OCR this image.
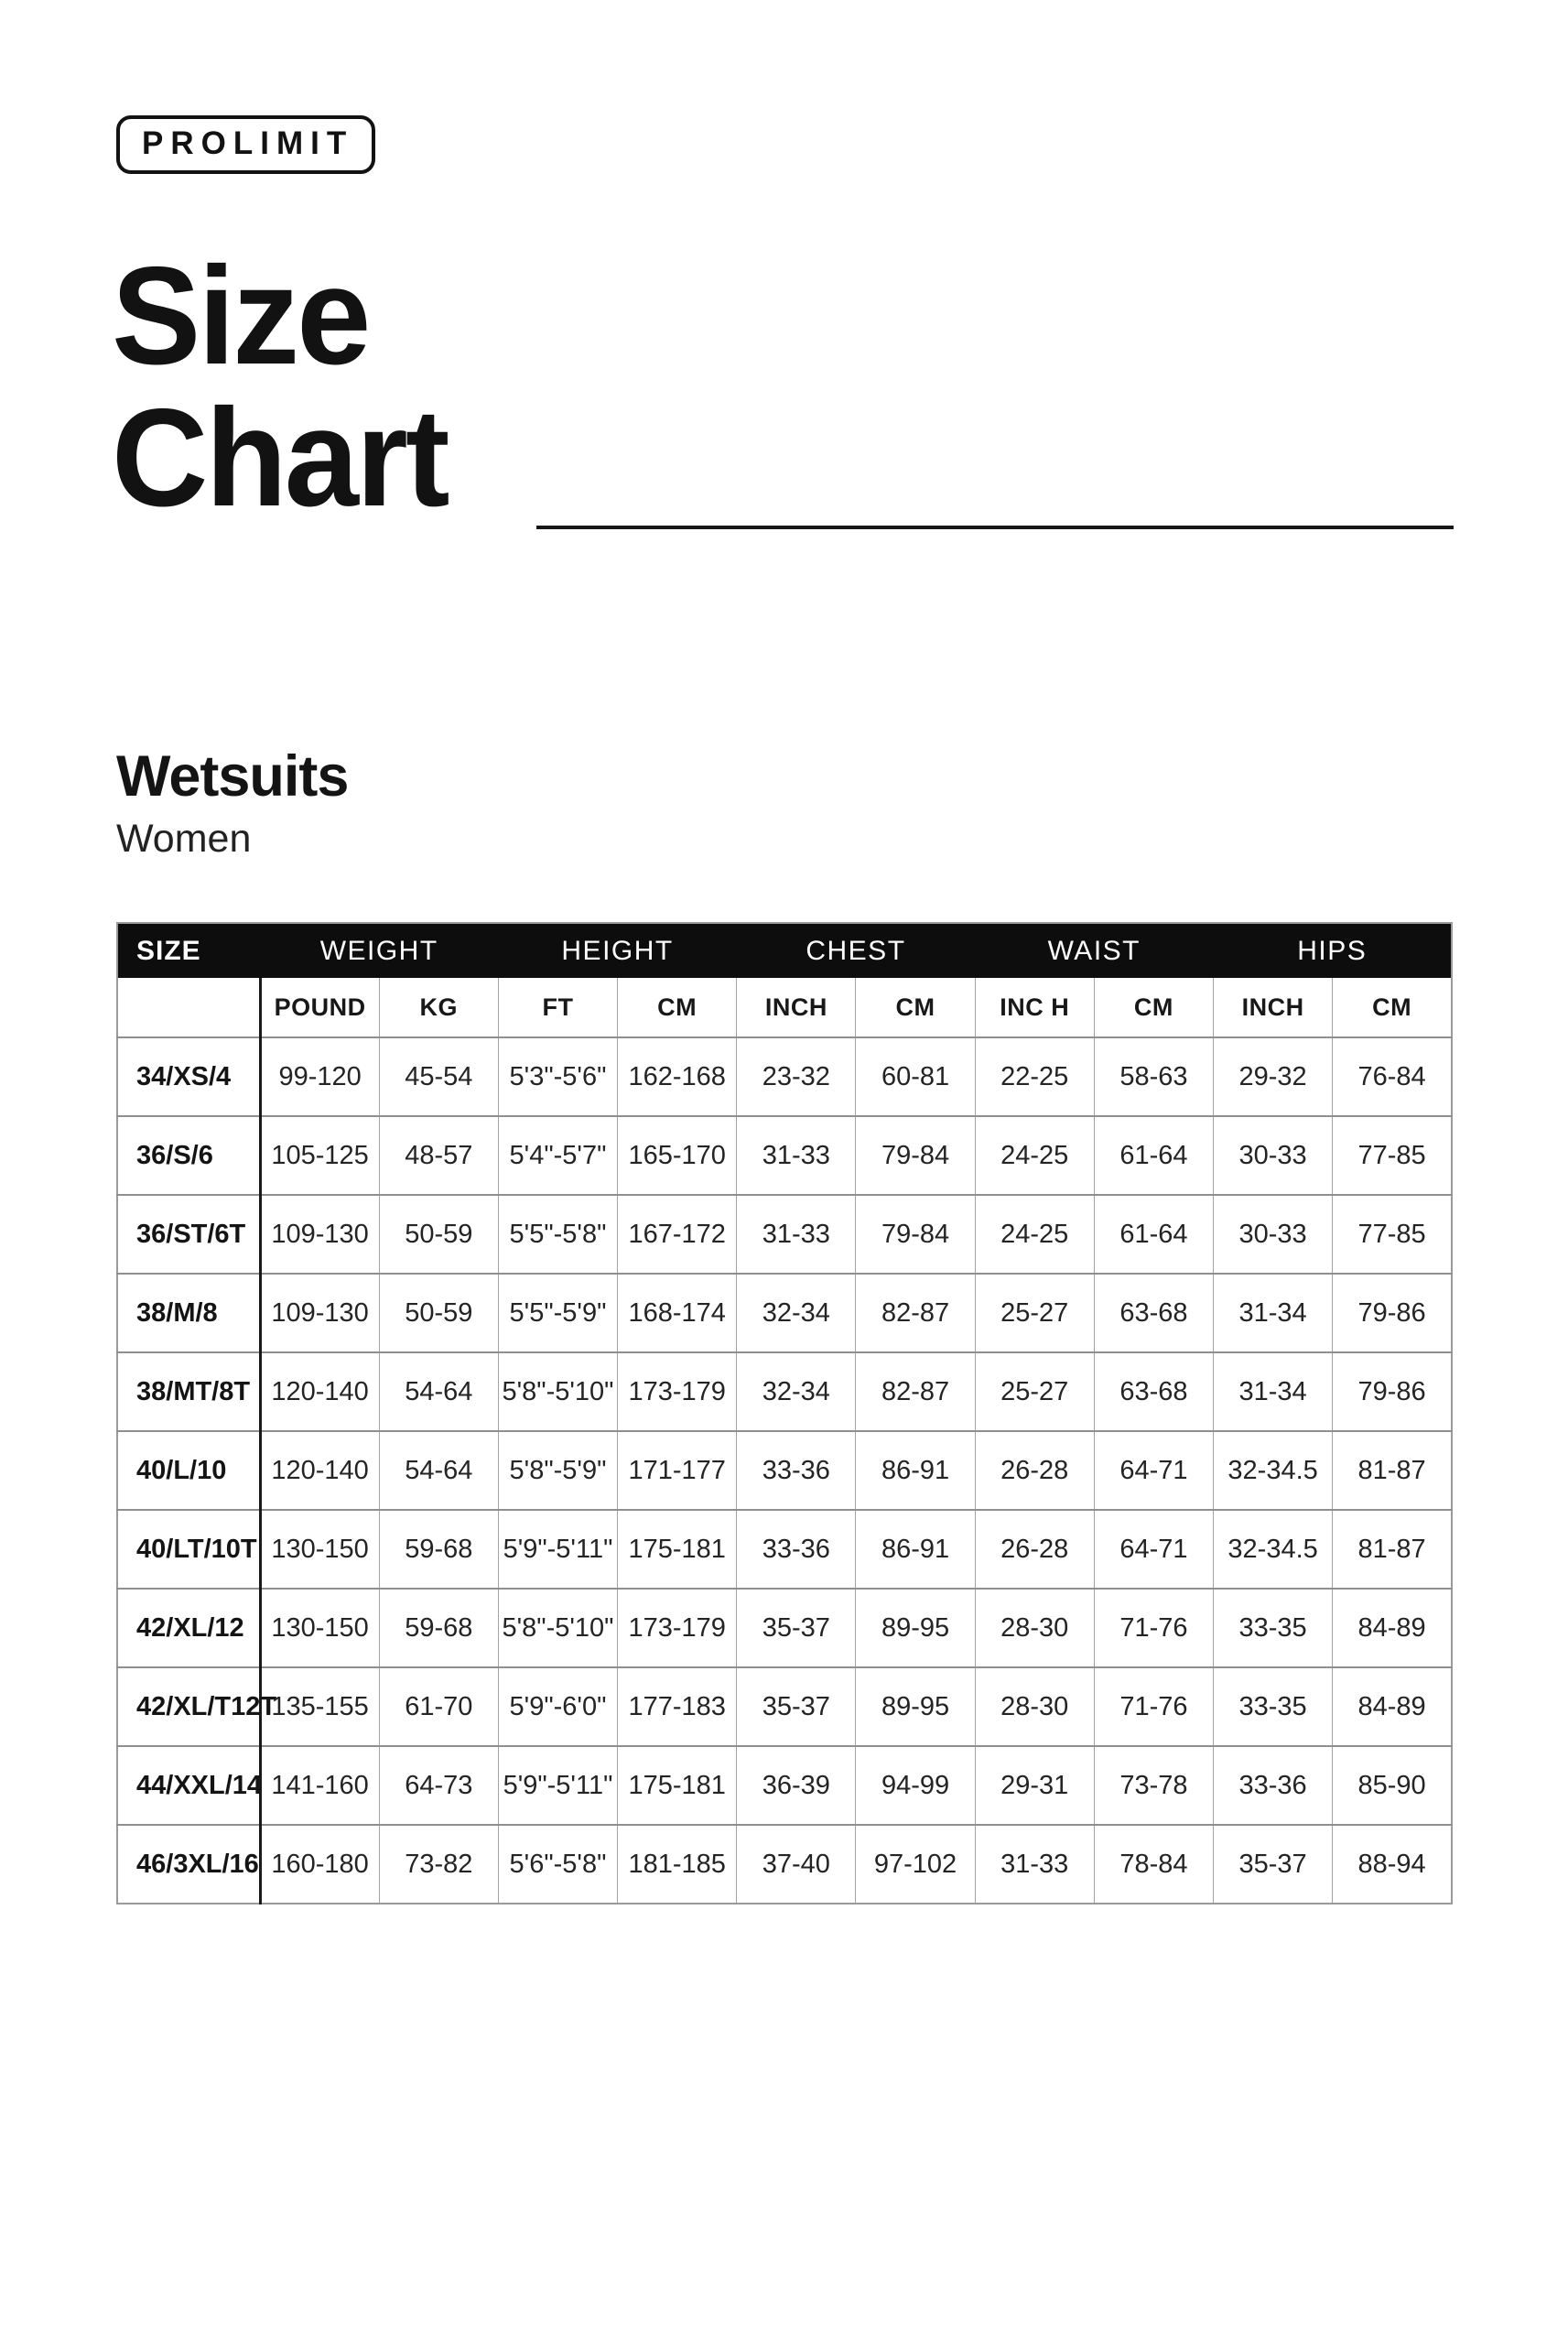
PROLIMIT
Size
Chart
Wetsuits
Women
SIZE	WEIGHT		HEIGHT		CHEST		WAIST		HIPS	
	POUND	KG	FT	CM	INCH	CM	INC H	CM	INCH	CM
34/XS/4	99-120	45-54	5'3"-5'6"	162-168	23-32	60-81	22-25	58-63	29-32	76-84
36/S/6	105-125	48-57	5'4"-5'7"	165-170	31-33	79-84	24-25	61-64	30-33	77-85
36/ST/6T	109-130	50-59	5'5"-5'8"	167-172	31-33	79-84	24-25	61-64	30-33	77-85
38/M/8	109-130	50-59	5'5"-5'9"	168-174	32-34	82-87	25-27	63-68	31-34	79-86
38/MT/8T	120-140	54-64	5'8"-5'10"	173-179	32-34	82-87	25-27	63-68	31-34	79-86
40/L/10	120-140	54-64	5'8"-5'9"	171-177	33-36	86-91	26-28	64-71	32-34.5	81-87
40/LT/10T	130-150	59-68	5'9"-5'11"	175-181	33-36	86-91	26-28	64-71	32-34.5	81-87
42/XL/12	130-150	59-68	5'8"-5'10"	173-179	35-37	89-95	28-30	71-76	33-35	84-89
42/XL/T12T	135-155	61-70	5'9"-6'0"	177-183	35-37	89-95	28-30	71-76	33-35	84-89
44/XXL/14	141-160	64-73	5'9"-5'11"	175-181	36-39	94-99	29-31	73-78	33-36	85-90
46/3XL/16	160-180	73-82	5'6"-5'8"	181-185	37-40	97-102	31-33	78-84	35-37	88-94
